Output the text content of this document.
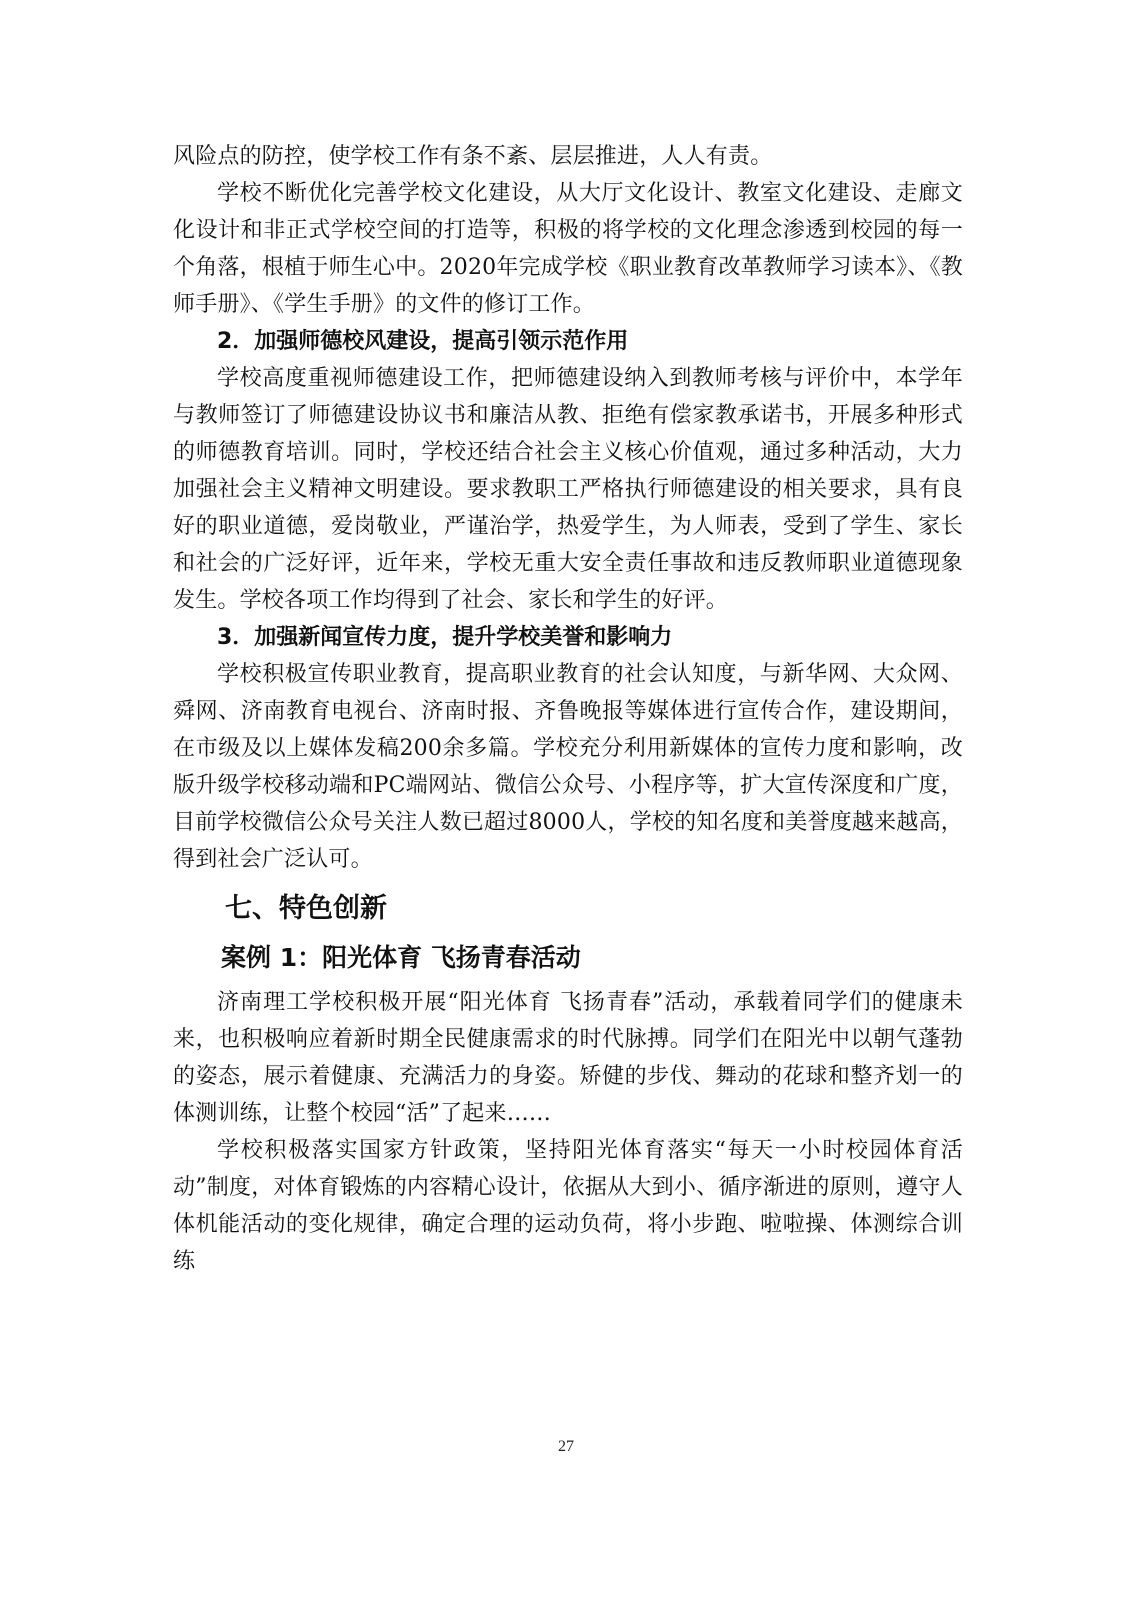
风险点的防控，使学校工作有条不紊、层层推进，人人有责。

学校不断优化完善学校文化建设，从大厅文化设计、教室文化建设、走廊文化设计和非正式学校空间的打造等，积极的将学校的文化理念渗透到校园的每一个角落，根植于师生心中。2020年完成学校《职业教育改革教师学习读本》、《教师手册》、《学生手册》的文件的修订工作。

2．加强师德校风建设，提高引领示范作用

学校高度重视师德建设工作，把师德建设纳入到教师考核与评价中，本学年与教师签订了师德建设协议书和廉洁从教、拒绝有偿家教承诺书，开展多种形式的师德教育培训。同时，学校还结合社会主义核心价值观，通过多种活动，大力加强社会主义精神文明建设。要求教职工严格执行师德建设的相关要求，具有良好的职业道德，爱岗敬业，严谨治学，热爱学生，为人师表，受到了学生、家长和社会的广泛好评，近年来，学校无重大安全责任事故和违反教师职业道德现象发生。学校各项工作均得到了社会、家长和学生的好评。

3．加强新闻宣传力度，提升学校美誉和影响力

学校积极宣传职业教育，提高职业教育的社会认知度，与新华网、大众网、舜网、济南教育电视台、济南时报、齐鲁晚报等媒体进行宣传合作，建设期间，在市级及以上媒体发稿200余多篇。学校充分利用新媒体的宣传力度和影响，改版升级学校移动端和PC端网站、微信公众号、小程序等，扩大宣传深度和广度，目前学校微信公众号关注人数已超过8000人，学校的知名度和美誉度越来越高，得到社会广泛认可。

七、特色创新

案例 1：阳光体育 飞扬青春活动

济南理工学校积极开展“阳光体育 飞扬青春”活动，承载着同学们的健康未来，也积极响应着新时期全民健康需求的时代脉搏。同学们在阳光中以朝气蓬勃的姿态，展示着健康、充满活力的身姿。矫健的步伐、舞动的花球和整齐划一的体测训练，让整个校园“活”了起来……

学校积极落实国家方针政策，坚持阳光体育落实“每天一小时校园体育活动”制度，对体育锻炼的内容精心设计，依据从大到小、循序渐进的原则，遵守人体机能活动的变化规律，确定合理的运动负荷，将小步跑、啦啦操、体测综合训练

27
